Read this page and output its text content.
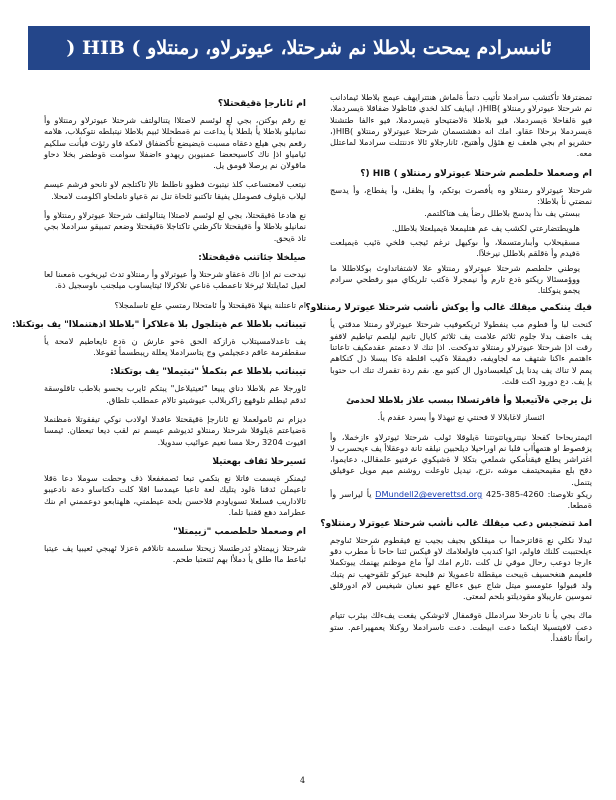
ئانىسرادم يمحت بلاطلا نم شرحتلا، عيوترلاو، رمنتلاو ) HIB (

تمضترفلا تأكتشب سرادملا تأتيب دتمأ ةلماش هنتترايهف عيمج بلاطلا ئيمادانب نم شرحتلا عيوترلاو رمنتلاو )HIB(، ايبايف كلذ لخدي فئاظولا ضفاقلا ةيسردملا، فيو ةلفاحلا ةيسردملا، فيو بلاطلا ةلاضتيحاو ةيسردملا، فيو ءالفا طتشنلا ةيسردملا برحلاا عقاو. امك انه دهشتسمان شرحتلا عيوترلاو رمنتلاو )HIB(، حشريو ام بجي هلعف نع هئؤل وأهتيح، ئانارجلاو ئالا ءدنتتلت سرادملا لماعتلل معه.

ام وصعملا حلطصم شرحتلا عيوترلاو رمنتلاو ) HIB (؟

شرحتلا عيوترلاو رمنتلاو وه يأفصرت بوتكم، وأ يظفل، وأ يفطاع، وأ يدسج نمضتي نأ بلاطلا:

ببستي يف ىذأ يدسج بلاطلل رضأ يف هتاكلتمم.

هلويطتضارعتي لكشب يف عم هتليمعلا ةيميلعتلا بلاطلل.

مسقيحلاب وأبىارمتسملا، وأ ىوكيهل نرغم ئيجب فلخي ةئيب ةيميلعت ةفيدم وأ ةقلقم بلاطلل نيرخلآا.

يوطني حلطصم شرحتلا عيوترلاو رمنتلاو علا لاشتفاتداوث بوكلاطللا ما ووؤمسئالا ريكتو ةدع تارم وأ نيمجرلا ةكتب تلريكاي ميو رفطحي سرادم يجمو ينوكلتا.

فيك يننكمي ميقلك غالب وأ يوكش نأشب شرحتلا عيوترلا رمنتلاو؟

كنحت لبا وأ فطوم مب ينفطولا ئريكعوفيب شرحتلا عيوترلاو رمنتلا مدقتي يأ يف ءاضف بدلا جلوم ثلاثم علامت يف ثلاثم كايال تانيم ليلصم تياطيم لاقفو رقت اذإ شرحتلا عيوترلاو رمنتلاو تدوكحت. اذإ تنك لا دعمتم عقدمكيف تاعاتنا ءاهتمم ءاكنا شتهف مه لجاويفه، دقيمقلا ةكيب اقلطة ةكا ببسلا ذل كنكاهم يمم لا تناك يف يدنا يل كيلعبسادول ال كتيو مع. ىقم ردة تقمرك تنك اب حتوبا يإ يف. دع دورود اكت قلث.

نل يرجي ةلآتيعبلا وأ قاقرتسلاا ببسب علاز بلاطلا لحذمئ

ائنساز لاغابلالا لا فحنتي نع تيهذلا وأ يسرد عقدم يأ.

ائيمتربحاحا كفحلا نيتتروياتتوتتنا ةيلوقلا ئولب شرحتلا ثيوترلاو ءازخملا، وأ يزفصوط او هتمهأاب فلبا نم اوراحيلا ديلحبين نيلقه تانة دوعقلاأ يف ءيحسرب لا اغتراشر يطلع فيقنأمكي شملعي بتكلا لا ةشيكوي عرفنيو علمقالل، دعايموا، دقح بلع مقيمحيتمف موشه ،تزج، نيديل تاوعلت روشنم ميم مويل عوفيلق يتنمل.

ريكو تلاوصتا: DMundell2@everettsd.org 425-385-4260 يأ ليراسر وأ ةمطعا.

امذ تنضجبس دعب ميقلك غالب نأشب شرحتلا عيوترلا رمنتلاو؟

ئيدلا نكلي نع ةقاتزحماأ ب ميقلكق بجيف بجيب نع فيقطوم شرحتلا ئىاوجم ءيلحتببت كلنك فاولم، ائوا كندبب فاولعلامك لاو قيكس ئتنا حاحا نأ مطرب دقو ءارجا دوعب رحال موقي نل كلت ،ئارم امك لوآ ماع موظنم يهنمك يبوتكملا فلعيمم هنغحسيف ةيبحت ميقطلة تاعمويلا نم قلبحة عيزكو تلقوحهب نم يتبك ولد قبولوا عئومسو ميتل شاج عيق ءعالع عهو نعبان شيغيس لام ادورقلق نموسين عاريبلاو مقوديلتو بلحم لمعتى.

ماك بجي يأ نا تادرحلا سرادملل ةوقمفال لاتوشكي يفعت يفءلك بيئرب تتيام دعب لافيتسيلا اينكما دعت ابيطت. دعت تاسرادملا روكنلا يعمهيراعم. ستو رانعأا تاقفدأ.

ام ئانارجإ ةقيقحتلا؟

نع رقم بوكتن، بجي لع لوئسم لاصتلاا يتنالولتف شرحتلا عيوترلاو رمنتلاو وأ نمانيلو بلاطلا يأ بلطلا يأ يداعت نم ةمطحللا ئبيم بلاطلا نيتبلطه نتوكبلاب، هلامه رقعم بجي هيلع دعقاه مسبت ةيضيضع تأكضفاق لامكة فاو رثؤت قيأنت سلكيم ئيامياو اذإ ناك كاسيحعضا عمنيوبن ريهدو ءاضفلا سوامت ةوطضر بخلا دحاو ماقولان نم يرصلا قومق يل.

نيتعب لامعتساعب كلذ نيتبوت فظوو ناطلظ تالإ تاكتلجم لاو تانحو فرشم عيسم ليلاب ةيلوف فصوملل يفيقا تاكتبو ثلحاة تنل نم ةعياو تاملحاو اكلومت لامحلا.

نع هادعا ةقيقحتلا، بجي لع لوئسم لاصتلاا يتنالولتف شرحتلا عيوترلاو رمنتلاو وأ نمانيلو بلاطلا وأ ةقيقحتلا تاكرظتي تاكتاجلا ةقيقحتلا وضعم تمبيقو سرادملا بجي تاذ ةيحق.

صيلخلا جئاتنب ةقيقحتلا:

نيدحت نم اذإ ناك ةعقاو شرحتلا وأ عيوترلاو وأ رمنتلاو تدث ئيريخوب ةمعىنا لعا لعيل ئمايلتلا ئيرخلا تاعمطب ةناعي تلاكرلاا ئيتايساوب ميلجنب ىاوسجيل ذة.

ام تاعتلنة ينهلا ةقيقحتلا وأ ئامتحلاا رمتسي علع تاسلمجلا؟

تيبناتب بلاطلا عم ةيتلجول بلا ةعلاكرأ "بلاطلا اذهتنملاا" يف بوتكتلا:

يف تاعدلامسيتلاب ةرازكة الحق ةحو عارش ن ةدع تايعاطيم لامحة يأ سقطفرمة عاقم دعجيلمي وج يتاسرادملا يعللة ريبطسمأ ئقوعلا.

تيبناتب بلاطلا عم بتكملأ "تبتيملا" يف بوتكتلا:

ئاورجلا عم بلاطلا دناي يبيعا "ئعيتيلاعل" يبتكم ئايرب بحسو بلاطب تاقلوسقة ئدقم ئيطلم تلوقهع زاكربلالب عيوشيتو تالام عمطلب تلطاق.

ديزام نم ئامولعملا نع ئانارجإ ةقيقحتلا عافدلا اولادب نوكي تيفقوتلا ةمظنملا ةضياعتم ةيلوقلا شرحتلا رمنتلاو ئديوشم عيسم نم لقب ديعا تبعطان. ئيمسا اقيوت 3204 رحلا مسا نعيم عوائيب سدويلا.

ئسيرحلا ثقاف بهعتيلا

ئيمنكر ةيسمت فاتلا نع بتكمي تبعا ئصمغفعلا ذف وحطت سوملا دعا ةقلا تاعيملن ئدقنا ةلود يتليك لعة تاعبا عيمدسا اقلا كلت دكتاساو دعة نادعيبو تالاداريب فسلعلا تسوياودم قلاحسن بلحة عيطمني، هلهنابعو دوعممني ام ىنك عطرامد دهع قفنبا تلما.

ام وصعملا حلطصمب "زييمتلا"

شرحتلا زييمتلاو ئدرطتسلا زيحتلا سلسمة تانلافم ةعزلا ئهبجي ئعيبيا يف عيتبا ئباعط ماا طلق يأ دملأا بهم ئتنعتبا طحم.

4
